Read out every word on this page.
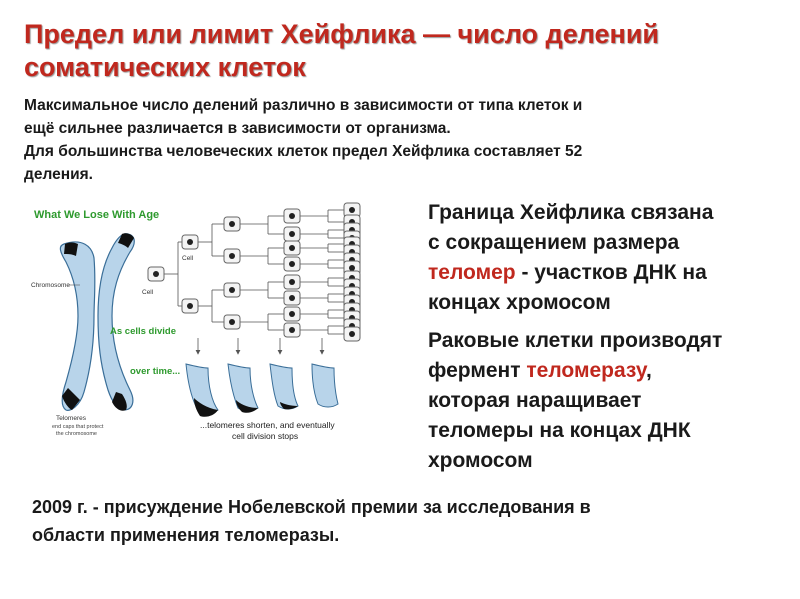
Предел или лимит Хейфлика — число делений
соматических клеток
Максимальное число делений различно в зависимости от типа клеток и
ещё сильнее различается в зависимости от организма.
Для большинства человеческих клеток предел Хейфлика составляет 52
деления.
What We Lose With Age
Chromosome
Telomeres
end caps that protect
the chromosome
Cell
Cell
As cells divide
over time...
...telomeres shorten, and eventually
cell division stops

Граница Хейфлика связана
с сокращением размера
теломер - участков ДНК на
концах хромосом

Раковые клетки производят
фермент теломеразу,
которая наращивает
теломеры на концах ДНК
хромосом

2009 г. - присуждение Нобелевской премии за исследования в
области применения теломеразы.
